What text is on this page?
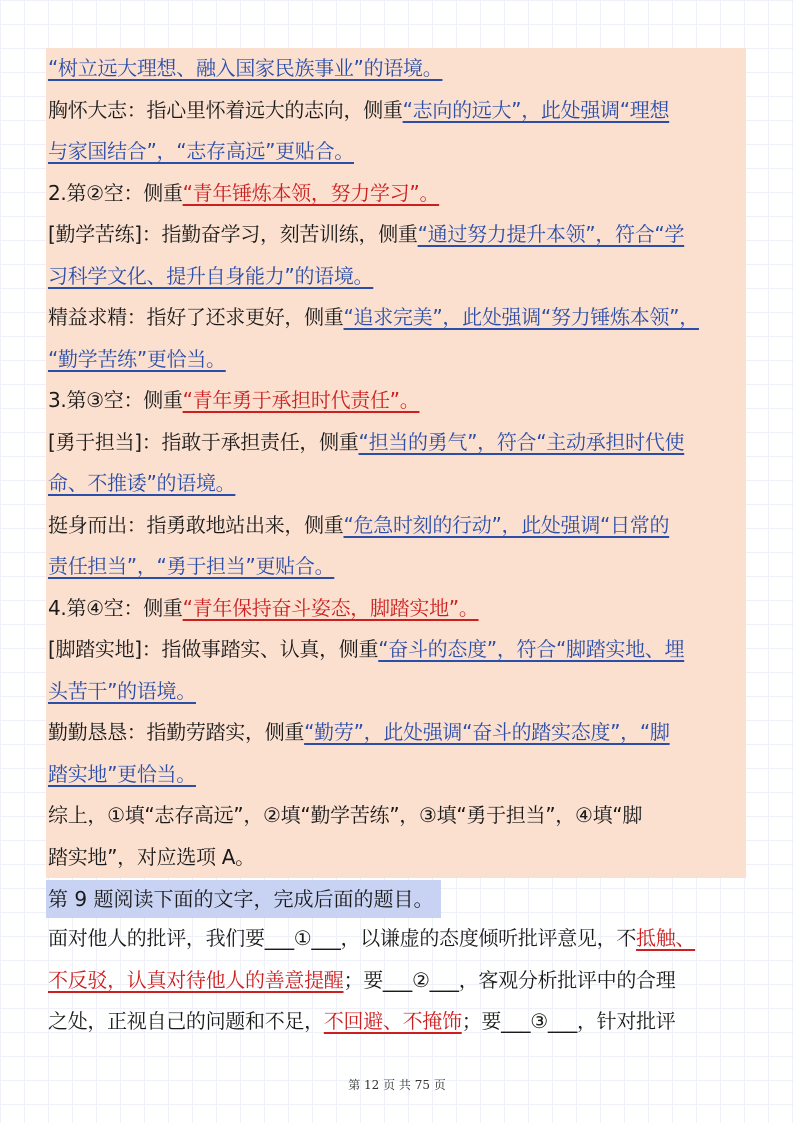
“树立远大理想、融入国家民族事业”的语境。
胸怀大志：指心里怀着远大的志向，侧重“志向的远大”，此处强调“理想
与家国结合”，“志存高远”更贴合。
2.第②空：侧重“青年锤炼本领，努力学习”。
[勤学苦练]：指勤奋学习，刻苦训练，侧重“通过努力提升本领”，符合“学
习科学文化、提升自身能力”的语境。
精益求精：指好了还求更好，侧重“追求完美”，此处强调“努力锤炼本领”，
“勤学苦练”更恰当。
3.第③空：侧重“青年勇于承担时代责任”。
[勇于担当]：指敢于承担责任，侧重“担当的勇气”，符合“主动承担时代使
命、不推诿”的语境。
挺身而出：指勇敢地站出来，侧重“危急时刻的行动”，此处强调“日常的
责任担当”，“勇于担当”更贴合。
4.第④空：侧重“青年保持奋斗姿态，脚踏实地”。
[脚踏实地]：指做事踏实、认真，侧重“奋斗的态度”，符合“脚踏实地、埋
头苦干”的语境。
勤勤恳恳：指勤劳踏实，侧重“勤劳”，此处强调“奋斗的踏实态度”，“脚
踏实地”更恰当。
综上，①填“志存高远”，②填“勤学苦练”，③填“勇于担当”，④填“脚
踏实地”，对应选项 A。
第 9 题阅读下面的文字，完成后面的题目。
面对他人的批评，我们要___①___，以谦虚的态度倾听批评意见，不抵触、
不反驳，认真对待他人的善意提醒；要___②___，客观分析批评中的合理
之处，正视自己的问题和不足，不回避、不掩饰；要___③___，针对批评
第 12 页 共 75 页
